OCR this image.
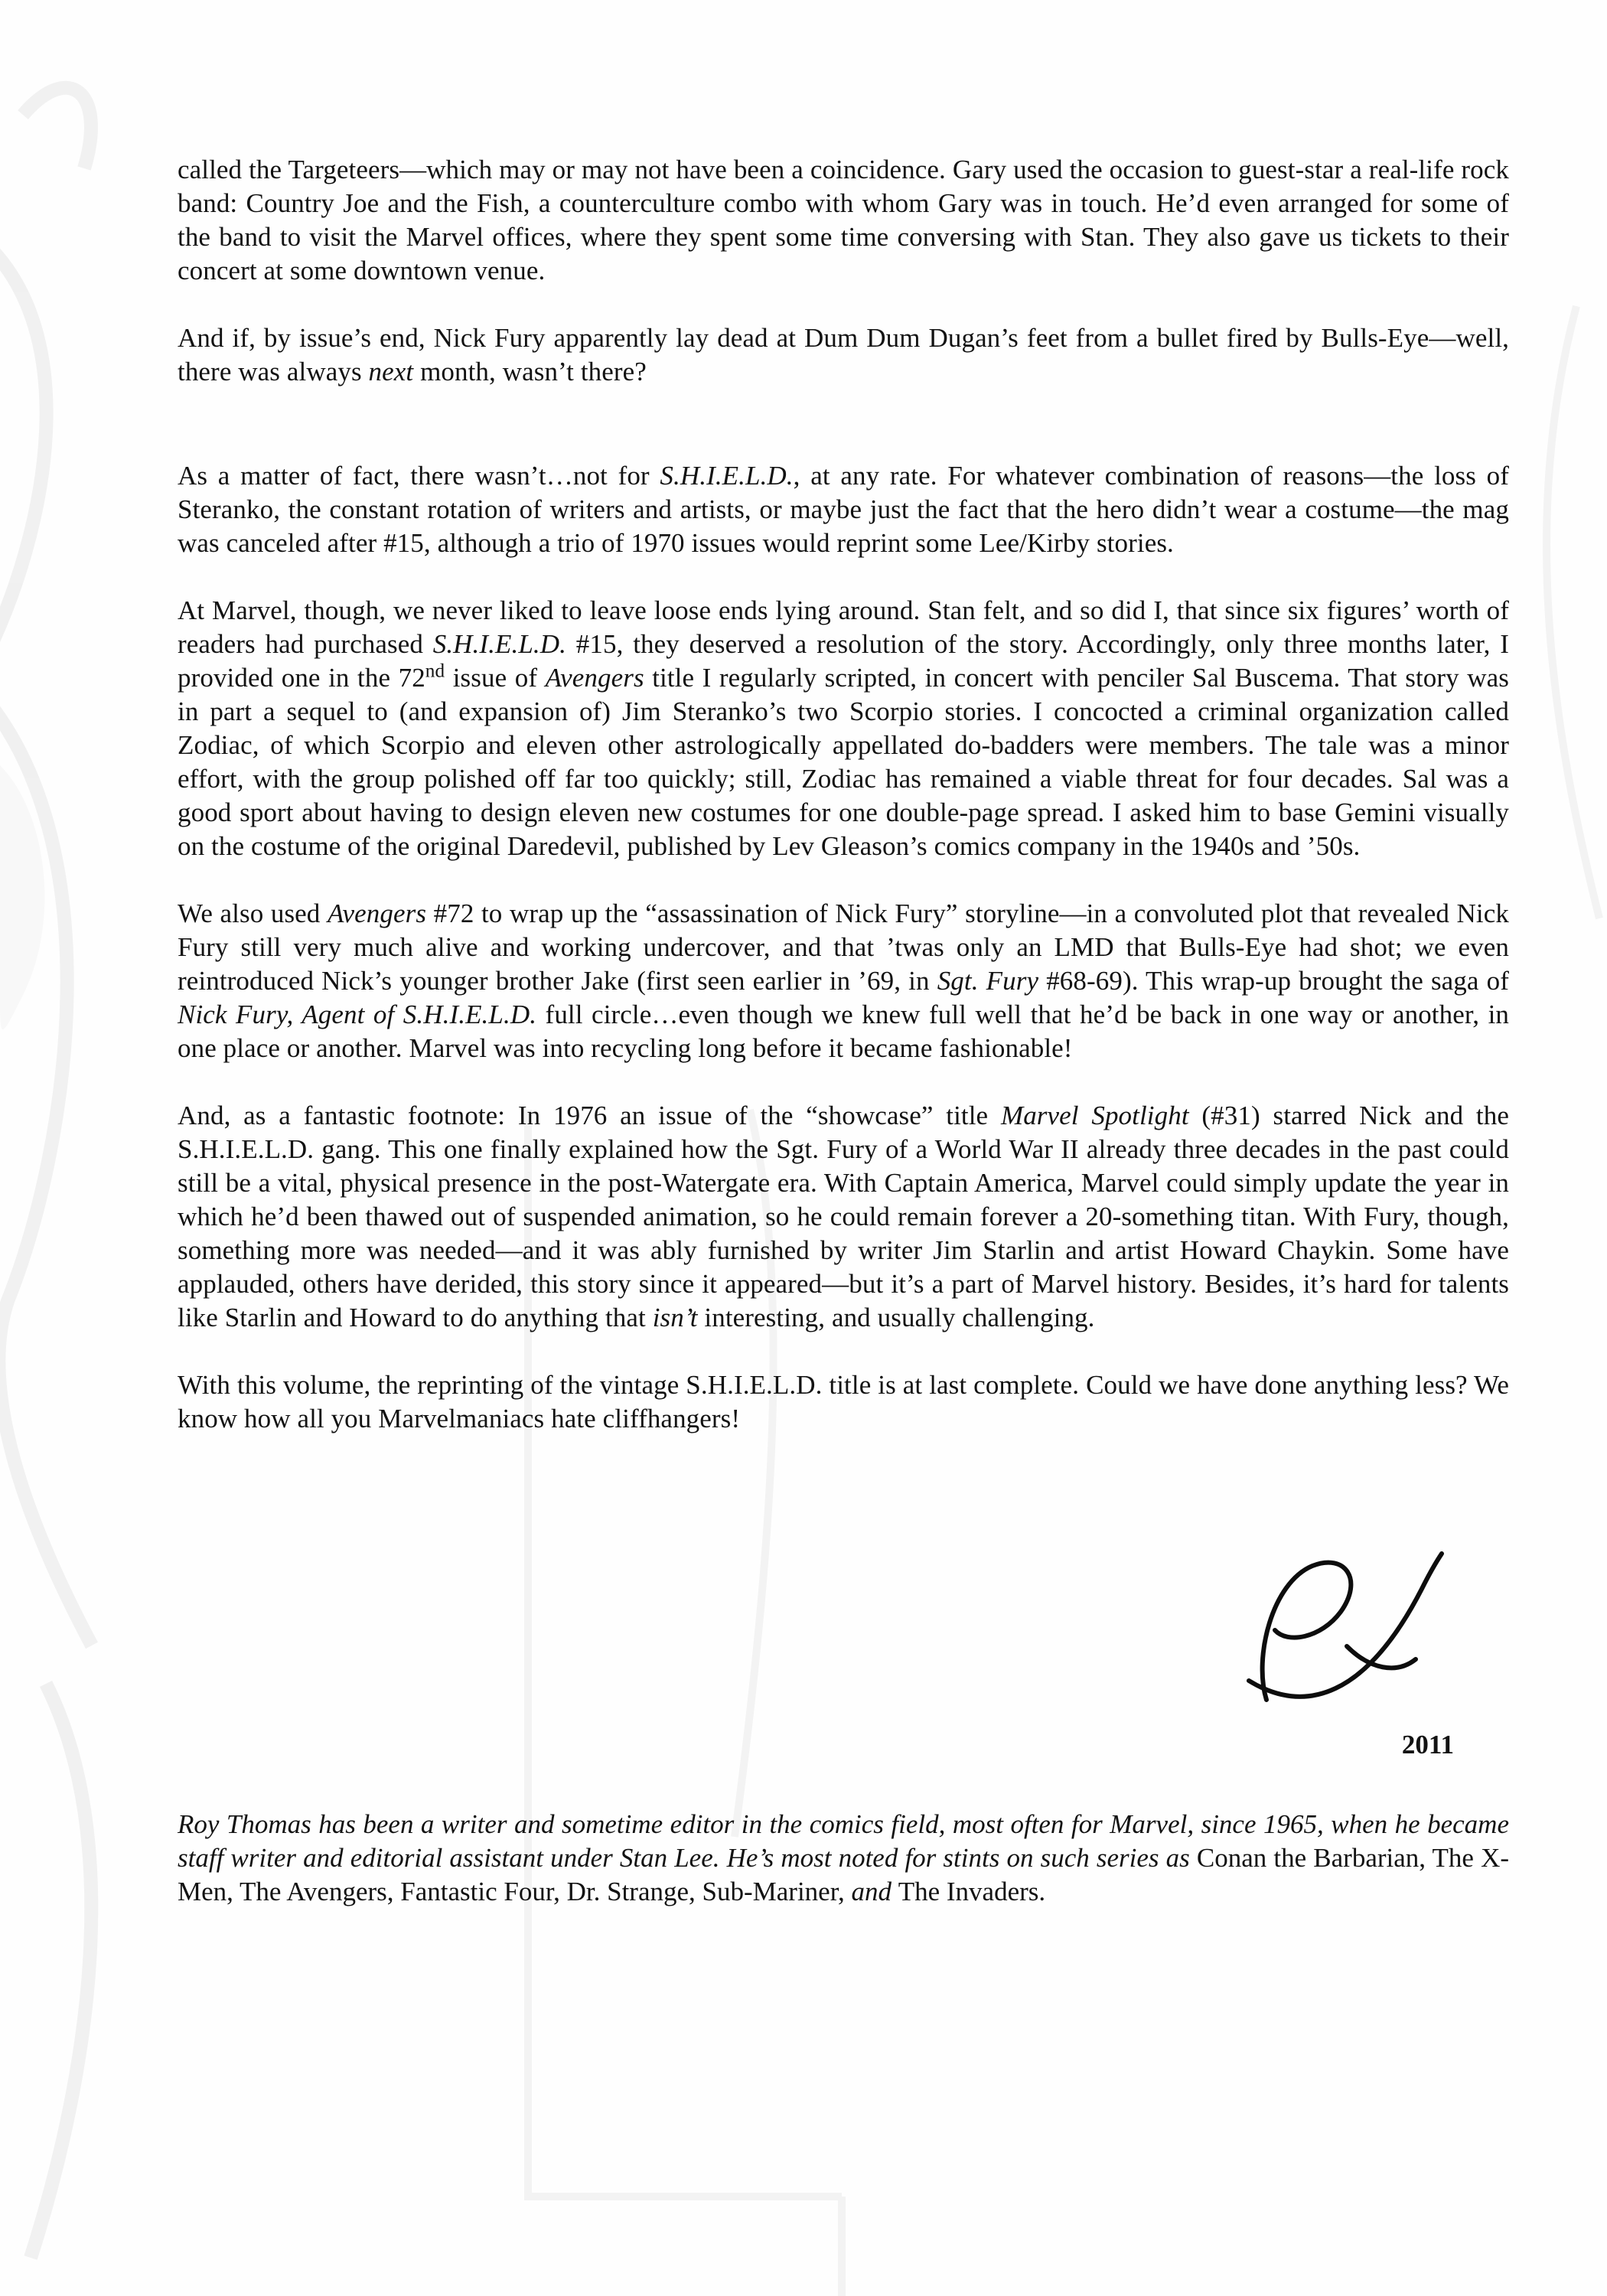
called the Targeteers—which may or may not have been a coincidence. Gary used the occasion to guest-star a real-life rock band: Country Joe and the Fish, a counterculture combo with whom Gary was in touch. He’d even arranged for some of the band to visit the Marvel offices, where they spent some time conversing with Stan. They also gave us tickets to their concert at some downtown venue.

And if, by issue’s end, Nick Fury apparently lay dead at Dum Dum Dugan’s feet from a bullet fired by Bulls-Eye—well, there was always next month, wasn’t there?

As a matter of fact, there wasn’t…not for S.H.I.E.L.D., at any rate. For whatever combination of reasons—the loss of Steranko, the constant rotation of writers and artists, or maybe just the fact that the hero didn’t wear a costume—the mag was canceled after #15, although a trio of 1970 issues would reprint some Lee/Kirby stories.

At Marvel, though, we never liked to leave loose ends lying around. Stan felt, and so did I, that since six figures’ worth of readers had purchased S.H.I.E.L.D. #15, they deserved a resolution of the story. Accordingly, only three months later, I provided one in the 72nd issue of Avengers title I regularly scripted, in concert with penciler Sal Buscema. That story was in part a sequel to (and expansion of) Jim Steranko’s two Scorpio stories. I concocted a criminal organization called Zodiac, of which Scorpio and eleven other astrologically appellated do-badders were members. The tale was a minor effort, with the group polished off far too quickly; still, Zodiac has remained a viable threat for four decades. Sal was a good sport about having to design eleven new costumes for one double-page spread. I asked him to base Gemini visually on the costume of the original Daredevil, published by Lev Gleason’s comics company in the 1940s and ’50s.

We also used Avengers #72 to wrap up the “assassination of Nick Fury” storyline—in a convoluted plot that revealed Nick Fury still very much alive and working undercover, and that ’twas only an LMD that Bulls-Eye had shot; we even reintroduced Nick’s younger brother Jake (first seen earlier in ’69, in Sgt. Fury #68-69). This wrap-up brought the saga of Nick Fury, Agent of S.H.I.E.L.D. full circle…even though we knew full well that he’d be back in one way or another, in one place or another. Marvel was into recycling long before it became fashionable!

And, as a fantastic footnote: In 1976 an issue of the “showcase” title Marvel Spotlight (#31) starred Nick and the S.H.I.E.L.D. gang. This one finally explained how the Sgt. Fury of a World War II already three decades in the past could still be a vital, physical presence in the post-Watergate era. With Captain America, Marvel could simply update the year in which he’d been thawed out of suspended animation, so he could remain forever a 20-something titan. With Fury, though, something more was needed—and it was ably furnished by writer Jim Starlin and artist Howard Chaykin. Some have applauded, others have derided, this story since it appeared—but it’s a part of Marvel history. Besides, it’s hard for talents like Starlin and Howard to do anything that isn’t interesting, and usually challenging.

With this volume, the reprinting of the vintage S.H.I.E.L.D. title is at last complete. Could we have done anything less? We know how all you Marvelmaniacs hate cliffhangers!

2011

Roy Thomas has been a writer and sometime editor in the comics field, most often for Marvel, since 1965, when he became staff writer and editorial assistant under Stan Lee. He’s most noted for stints on such series as Conan the Barbarian, The X-Men, The Avengers, Fantastic Four, Dr. Strange, Sub-Mariner, and The Invaders.
